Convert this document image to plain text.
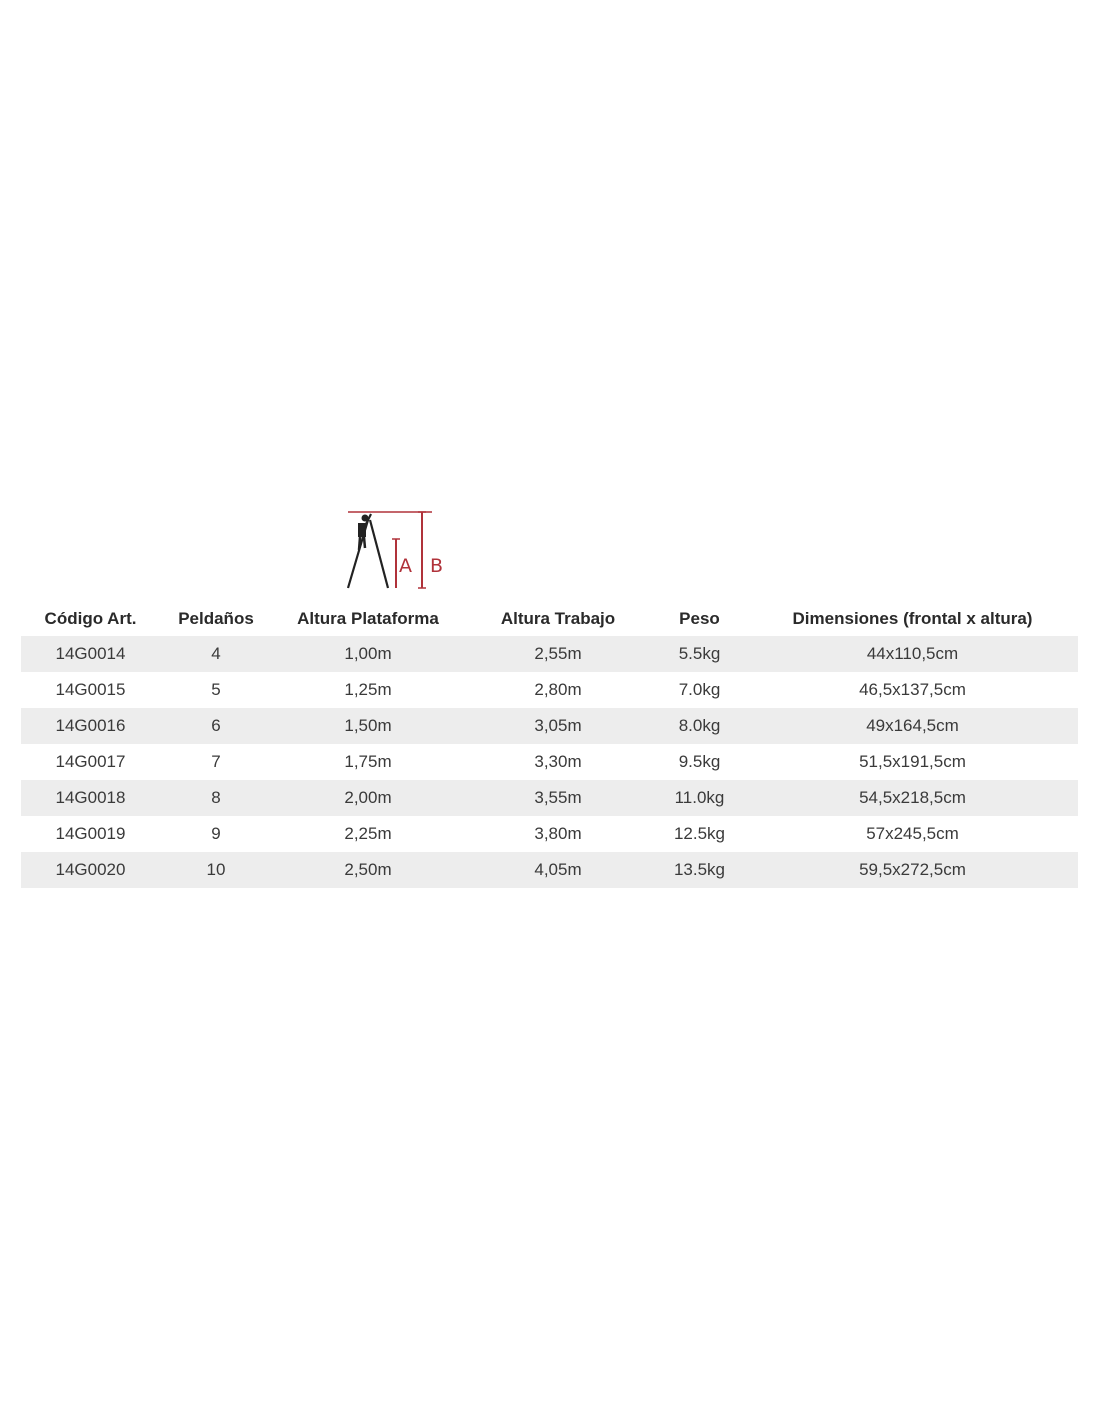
A B
Código Art.	Peldaños	Altura Plataforma	Altura Trabajo	Peso	Dimensiones (frontal x altura)
14G0014	4	1,00m	2,55m	5.5kg	44x110,5cm
14G0015	5	1,25m	2,80m	7.0kg	46,5x137,5cm
14G0016	6	1,50m	3,05m	8.0kg	49x164,5cm
14G0017	7	1,75m	3,30m	9.5kg	51,5x191,5cm
14G0018	8	2,00m	3,55m	11.0kg	54,5x218,5cm
14G0019	9	2,25m	3,80m	12.5kg	57x245,5cm
14G0020	10	2,50m	4,05m	13.5kg	59,5x272,5cm
